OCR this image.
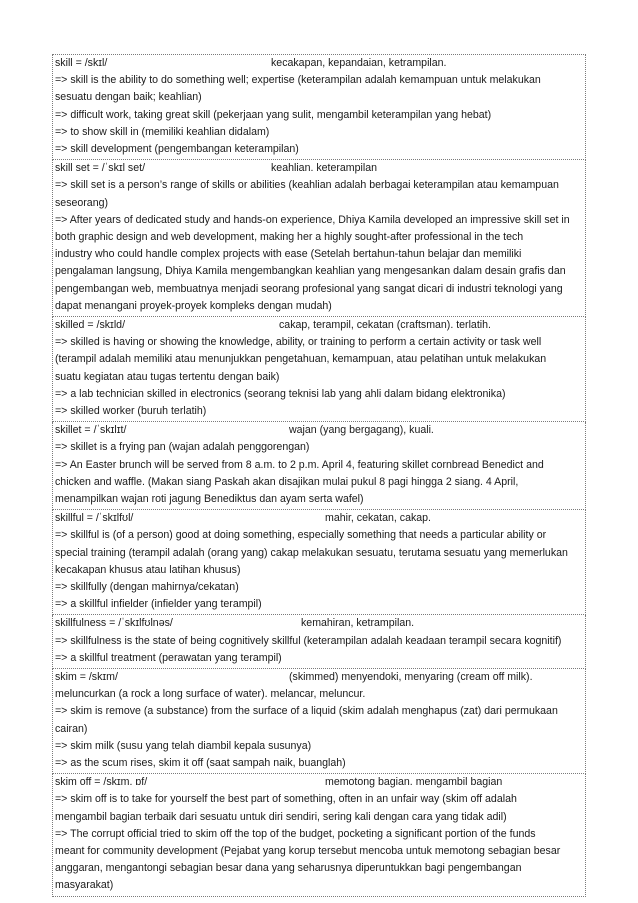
skill = /skɪl/	kecakapan, kepandaian, ketrampilan.
=> skill is the ability to do something well; expertise (keterampilan adalah kemampuan untuk melakukan
sesuatu dengan baik; keahlian)
=> difficult work, taking great skill (pekerjaan yang sulit, mengambil keterampilan yang hebat)
=> to show skill in (memiliki keahlian didalam)
=> skill development (pengembangan keterampilan)
skill set = /ˈskɪl set/	keahlian. keterampilan
=> skill set is a person’s range of skills or abilities (keahlian adalah berbagai keterampilan atau kemampuan
seseorang)
=> After years of dedicated study and hands-on experience, Dhiya Kamila developed an impressive skill set in
both graphic design and web development, making her a highly sought-after professional in the tech
industry who could handle complex projects with ease (Setelah bertahun-tahun belajar dan memiliki
pengalaman langsung, Dhiya Kamila mengembangkan keahlian yang mengesankan dalam desain grafis dan
pengembangan web, membuatnya menjadi seorang profesional yang sangat dicari di industri teknologi yang
dapat menangani proyek-proyek kompleks dengan mudah)
skilled = /skɪld/	cakap, terampil, cekatan (craftsman). terlatih.
=> skilled is having or showing the knowledge, ability, or training to perform a certain activity or task well
(terampil adalah memiliki atau menunjukkan pengetahuan, kemampuan, atau pelatihan untuk melakukan
suatu kegiatan atau tugas tertentu dengan baik)
=> a lab technician skilled in electronics (seorang teknisi lab yang ahli dalam bidang elektronika)
=> skilled worker (buruh terlatih)
skillet = /ˈskɪlɪt/	wajan (yang bergagang), kuali.
=> skillet is a frying pan (wajan adalah penggorengan)
=> An Easter brunch will be served from 8 a.m. to 2 p.m. April 4, featuring skillet cornbread Benedict and
chicken and waffle. (Makan siang Paskah akan disajikan mulai pukul 8 pagi hingga 2 siang. 4 April,
menampilkan wajan roti jagung Benediktus dan ayam serta wafel)
skillful = /ˈskɪlfʊl/	mahir, cekatan, cakap.
=> skillful is (of a person) good at doing something, especially something that needs a particular ability or
special training (terampil adalah (orang yang) cakap melakukan sesuatu, terutama sesuatu yang memerlukan
kecakapan khusus atau latihan khusus)
=> skillfully (dengan mahirnya/cekatan)
=> a skillful infielder (infielder yang terampil)
skillfulness = /ˈskɪlfʊlnəs/	kemahiran, ketrampilan.
=> skillfulness is the state of being cognitively skillful (keterampilan adalah keadaan terampil secara kognitif)
=> a skillful treatment (perawatan yang terampil)
skim = /skɪm/	(skimmed) menyendoki, menyaring (cream off milk).
meluncurkan (a rock a long surface of water). melancar, meluncur.
=> skim is remove (a substance) from the surface of a liquid (skim adalah menghapus (zat) dari permukaan
cairan)
=> skim milk (susu yang telah diambil kepala susunya)
=> as the scum rises, skim it off (saat sampah naik, buanglah)
skim off = /skɪm. ɒf/	memotong bagian. mengambil bagian
=> skim off is to take for yourself the best part of something, often in an unfair way (skim off adalah
mengambil bagian terbaik dari sesuatu untuk diri sendiri, sering kali dengan cara yang tidak adil)
=> The corrupt official tried to skim off the top of the budget, pocketing a significant portion of the funds
meant for community development (Pejabat yang korup tersebut mencoba untuk memotong sebagian besar
anggaran, mengantongi sebagian besar dana yang seharusnya diperuntukkan bagi pengembangan
masyarakat)
